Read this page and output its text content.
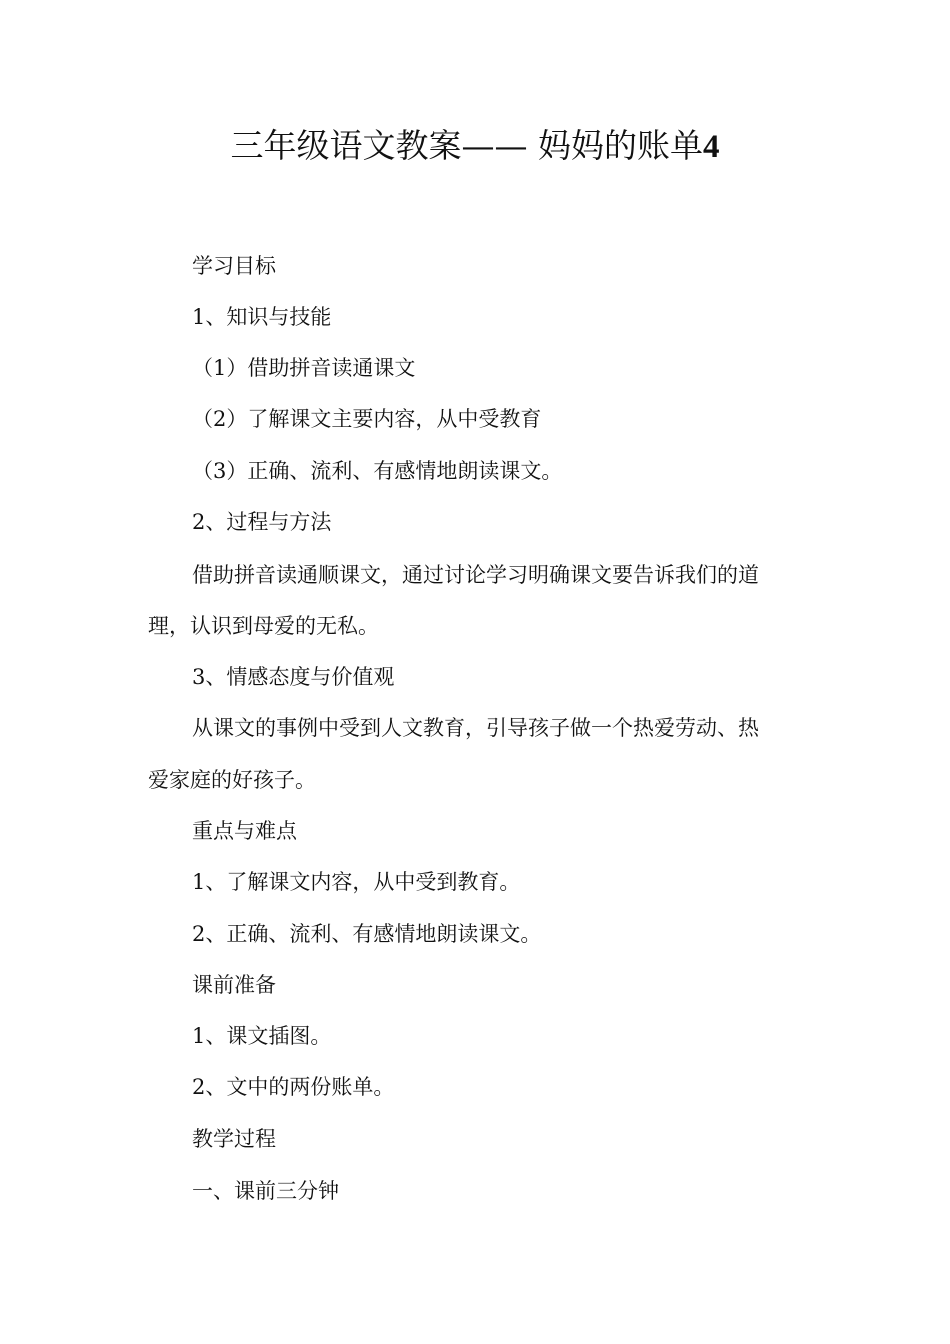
三年级语文教案—— 妈妈的账单4
学习目标
1、知识与技能
（1）借助拼音读通课文
（2）了解课文主要内容，从中受教育
（3）正确、流利、有感情地朗读课文。
2、过程与方法
借助拼音读通顺课文，通过讨论学习明确课文要告诉我们的道
理，认识到母爱的无私。
3、情感态度与价值观
从课文的事例中受到人文教育，引导孩子做一个热爱劳动、热
爱家庭的好孩子。
重点与难点
1、了解课文内容，从中受到教育。
2、正确、流利、有感情地朗读课文。
课前准备
1、课文插图。
2、文中的两份账单。
教学过程
一、课前三分钟
